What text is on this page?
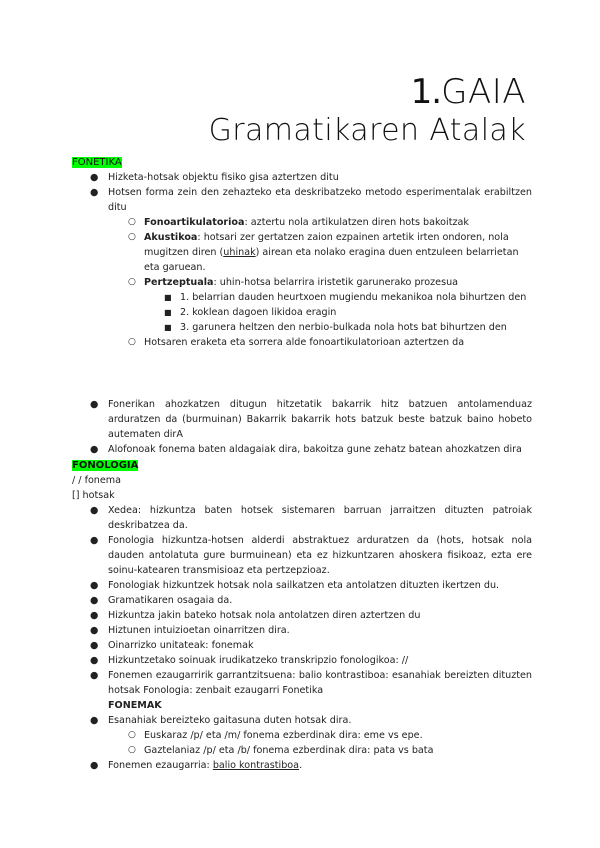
1.GAIA
Gramatikaren Atalak
FONETIKA
● Hizketa-hotsak objektu fisiko gisa aztertzen ditu
● Hotsen forma zein den zehazteko eta deskribatzeko metodo esperimentalak erabiltzen ditu
○ Fonoartikulatorioa: aztertu nola artikulatzen diren hots bakoitzak
○ Akustikoa: hotsari zer gertatzen zaion ezpainen artetik irten ondoren, nola mugitzen diren (uhinak) airean eta nolako eragina duen entzuleen belarrietan eta garuean.
○ Pertzeptuala: uhin-hotsa belarrira iristetik garunerako prozesua
■ 1. belarrian dauden heurtxoen mugiendu mekanikoa nola bihurtzen den
■ 2. koklean dagoen likidoa eragin
■ 3. garunera heltzen den nerbio-bulkada nola hots bat bihurtzen den
○ Hotsaren eraketa eta sorrera alde fonoartikulatorioan aztertzen da
● Fonerikan ahozkatzen ditugun hitzetatik bakarrik hitz batzuen antolamenduaz arduratzen da (burmuinan) Bakarrik bakarrik hots batzuk beste batzuk baino hobeto autematen dirA
● Alofonoak fonema baten aldagaiak dira, bakoitza gune zehatz batean ahozkatzen dira
FONOLOGIA
/ / fonema
[] hotsak
● Xedea: hizkuntza baten hotsek sistemaren barruan jarraitzen dituzten patroiak deskribatzea da.
● Fonologia hizkuntza-hotsen alderdi abstraktuez arduratzen da (hots, hotsak nola dauden antolatuta gure burmuinean) eta ez hizkuntzaren ahoskera fisikoaz, ezta ere soinu-katearen transmisioaz eta pertzepzioaz.
● Fonologiak hizkuntzek hotsak nola sailkatzen eta antolatzen dituzten ikertzen du.
● Gramatikaren osagaia da.
● Hizkuntza jakin bateko hotsak nola antolatzen diren aztertzen du
● Hiztunen intuizioetan oinarritzen dira.
● Oinarrizko unitateak: fonemak
● Hizkuntzetako soinuak irudikatzeko transkripzio fonologikoa: //
● Fonemen ezaugarririk garrantzitsuena: balio kontrastiboa: esanahiak bereizten dituzten hotsak Fonologia: zenbait ezaugarri Fonetika
FONEMAK
● Esanahiak bereizteko gaitasuna duten hotsak dira.
○ Euskaraz /p/ eta /m/ fonema ezberdinak dira: eme vs epe.
○ Gaztelaniaz /p/ eta /b/ fonema ezberdinak dira: pata vs bata
● Fonemen ezaugarria: balio kontrastiboa.
